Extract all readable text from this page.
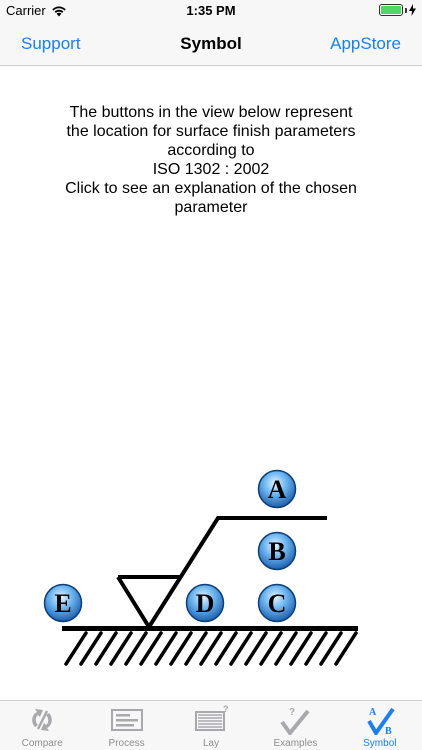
Carrier	1:35 PM
Support	Symbol	AppStore
The buttons in the view below represent
the location for surface finish parameters
according to
ISO 1302 : 2002
Click to see an explanation of the chosen
parameter
A
B
C
D
E
Compare	Process
?
Lay
?
Examples
A
B
Symbol
